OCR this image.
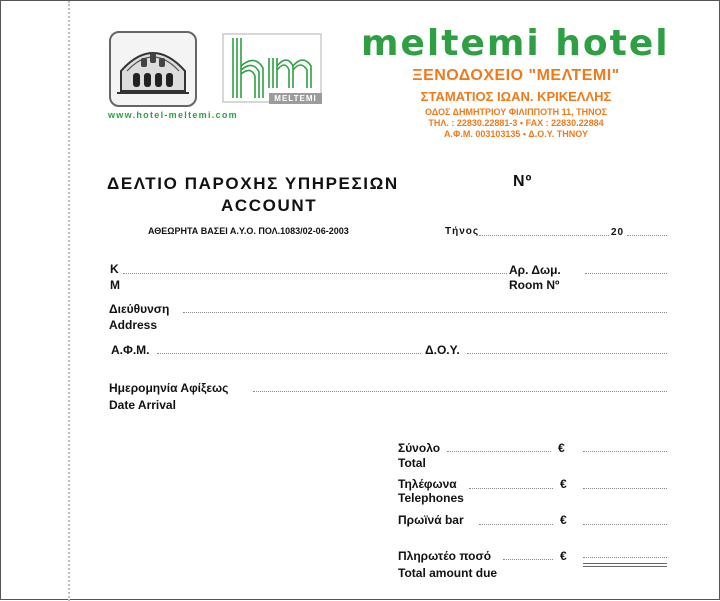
www.hotel-meltemi.com
MELTEMI
meltemi hotel
ΞΕΝΟΔΟΧΕΙΟ "ΜΕΛΤΕΜΙ"
ΣΤΑΜΑΤΙΟΣ ΙΩΑΝ. ΚΡΙΚΕΛΛΗΣ
ΟΔΟΣ ΔΗΜΗΤΡΙΟΥ ΦΙΛΙΠΠΟΤΗ 11, ΤΗΝΟΣ
ΤΗΛ. : 22830.22881-3 • FAX : 22830.22884
Α.Φ.Μ. 003103135 • Δ.Ο.Υ. ΤΗΝΟΥ
ΔΕΛΤΙΟ ΠΑΡΟΧΗΣ ΥΠΗΡΕΣΙΩΝ
ACCOUNT
Nº
ΑΘΕΩΡΗΤΑ ΒΑΣΕΙ Α.Υ.Ο. ΠΟΛ.1083/02-06-2003	Τήνος	20
Κ
Μ
Αρ. Δωμ.
Room Nº
Διεύθυνση
Address
Α.Φ.Μ.	Δ.Ο.Υ.
Ημερομηνία Αφίξεως
Date Arrival
Σύνολο	€
Total
Τηλέφωνα	€
Telephones
Πρωϊνά bar	€
Πληρωτέο ποσό	€
Total amount due
